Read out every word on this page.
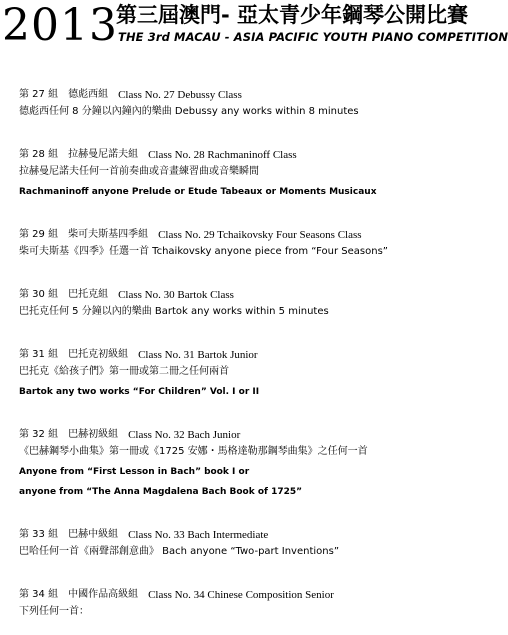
2013
第三屆澳門- 亞太青少年鋼琴公開比賽
THE 3rd MACAU - ASIA PACIFIC YOUTH PIANO COMPETITION
第 27 組　德彪西組 Class No. 27 Debussy Class
德彪西任何 8 分鐘以內鐘內的樂曲 Debussy any works within 8 minutes
第 28 組　拉赫曼尼諾夫組 Class No. 28 Rachmaninoff Class
拉赫曼尼諾夫任何一首前奏曲或音畫練習曲或音樂瞬間
Rachmaninoff anyone Prelude or Etude Tabeaux or Moments Musicaux
第 29 組　柴可夫斯基四季組 Class No. 29 Tchaikovsky Four Seasons Class
柴可夫斯基《四季》任選一首 Tchaikovsky anyone piece from “Four Seasons”
第 30 組　巴托克組 Class No. 30 Bartok Class
巴托克任何 5 分鐘以內的樂曲 Bartok any works within 5 minutes
第 31 組　巴托克初級組 Class No. 31 Bartok Junior
巴托克《給孩子們》第一冊或第二冊之任何兩首
Bartok any two works “For Children” Vol. I or II
第 32 組　巴赫初級組 Class No. 32 Bach Junior
《巴赫鋼琴小曲集》第一冊或《1725 安娜・馬格達勒那鋼琴曲集》之任何一首
Anyone from “First Lesson in Bach” book I or
anyone from “The Anna Magdalena Bach Book of 1725”
第 33 組　巴赫中級組 Class No. 33 Bach Intermediate
巴哈任何一首《兩聲部創意曲》 Bach anyone “Two-part Inventions”
第 34 組　中國作品高級組 Class No. 34 Chinese Composition Senior
下列任何一首：
